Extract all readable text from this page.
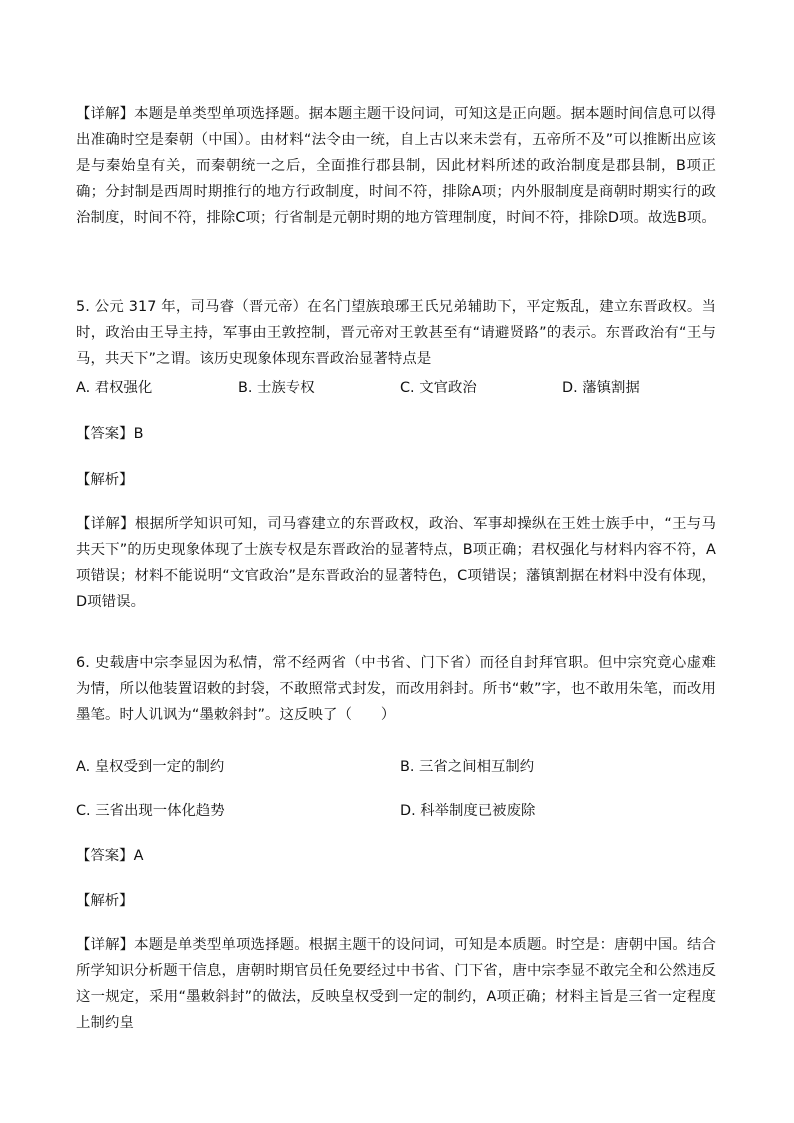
【详解】本题是单类型单项选择题。据本题主题干设问词，可知这是正向题。据本题时间信息可以得出准确时空是秦朝（中国）。由材料“法令由一统，自上古以来未尝有，五帝所不及”可以推断出应该是与秦始皇有关，而秦朝统一之后，全面推行郡县制，因此材料所述的政治制度是郡县制，B项正确；分封制是西周时期推行的地方行政制度，时间不符，排除A项；内外服制度是商朝时期实行的政治制度，时间不符，排除C项；行省制是元朝时期的地方管理制度，时间不符，排除D项。故选B项。
5. 公元 317 年，司马睿（晋元帝）在名门望族琅琊王氏兄弟辅助下，平定叛乱，建立东晋政权。当时，政治由王导主持，军事由王敦控制，晋元帝对王敦甚至有“请避贤路”的表示。东晋政治有“王与马，共天下”之谓。该历史现象体现东晋政治显著特点是
A. 君权强化	B. 士族专权	C. 文官政治	D. 藩镇割据
【答案】B
【解析】
【详解】根据所学知识可知，司马睿建立的东晋政权，政治、军事却操纵在王姓士族手中，“王与马共天下”的历史现象体现了士族专权是东晋政治的显著特点，B项正确；君权强化与材料内容不符，A项错误；材料不能说明“文官政治”是东晋政治的显著特色，C项错误；藩镇割据在材料中没有体现，D项错误。
6. 史载唐中宗李显因为私情，常不经两省（中书省、门下省）而径自封拜官职。但中宗究竟心虚难为情，所以他装置诏敕的封袋，不敢照常式封发，而改用斜封。所书“敕”字，也不敢用朱笔，而改用墨笔。时人讥讽为“墨敕斜封”。这反映了（　　）
A. 皇权受到一定的制约	B. 三省之间相互制约
C. 三省出现一体化趋势	D. 科举制度已被废除
【答案】A
【解析】
【详解】本题是单类型单项选择题。根据主题干的设问词，可知是本质题。时空是：唐朝中国。结合所学知识分析题干信息，唐朝时期官员任免要经过中书省、门下省，唐中宗李显不敢完全和公然违反这一规定，采用“墨敕斜封”的做法，反映皇权受到一定的制约，A项正确；材料主旨是三省一定程度上制约皇
